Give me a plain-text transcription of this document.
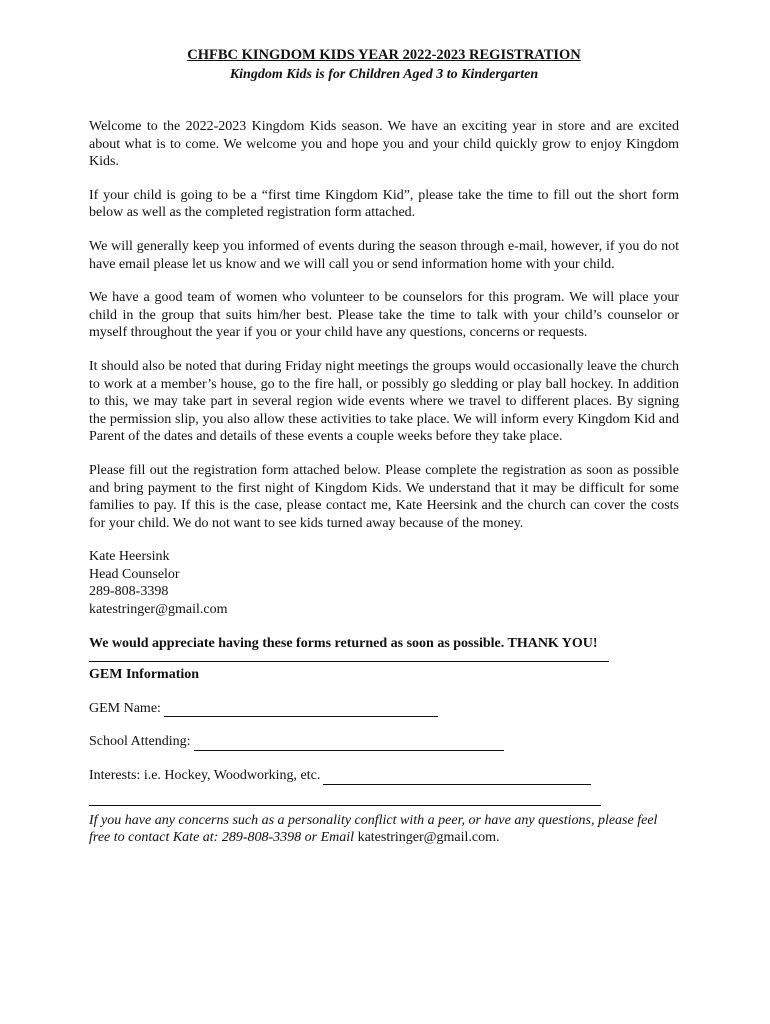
CHFBC KINGDOM KIDS YEAR 2022-2023 REGISTRATION
Kingdom Kids is for Children Aged 3 to Kindergarten

Welcome to the 2022-2023 Kingdom Kids season. We have an exciting year in store and are excited about what is to come. We welcome you and hope you and your child quickly grow to enjoy Kingdom Kids.

If your child is going to be a “first time Kingdom Kid”, please take the time to fill out the short form below as well as the completed registration form attached.

We will generally keep you informed of events during the season through e-mail, however, if you do not have email please let us know and we will call you or send information home with your child.

We have a good team of women who volunteer to be counselors for this program. We will place your child in the group that suits him/her best. Please take the time to talk with your child’s counselor or myself throughout the year if you or your child have any questions, concerns or requests.

It should also be noted that during Friday night meetings the groups would occasionally leave the church to work at a member’s house, go to the fire hall, or possibly go sledding or play ball hockey. In addition to this, we may take part in several region wide events where we travel to different places. By signing the permission slip, you also allow these activities to take place. We will inform every Kingdom Kid and Parent of the dates and details of these events a couple weeks before they take place.

Please fill out the registration form attached below. Please complete the registration as soon as possible and bring payment to the first night of Kingdom Kids. We understand that it may be difficult for some families to pay. If this is the case, please contact me, Kate Heersink and the church can cover the costs for your child. We do not want to see kids turned away because of the money.

Kate Heersink
Head Counselor
289-808-3398
katestringer@gmail.com
We would appreciate having these forms returned as soon as possible. THANK YOU!
GEM Information
GEM Name:
School Attending:
Interests: i.e. Hockey, Woodworking, etc.
If you have any concerns such as a personality conflict with a peer, or have any questions, please feel free to contact Kate at: 289-808-3398 or Email katestringer@gmail.com.
